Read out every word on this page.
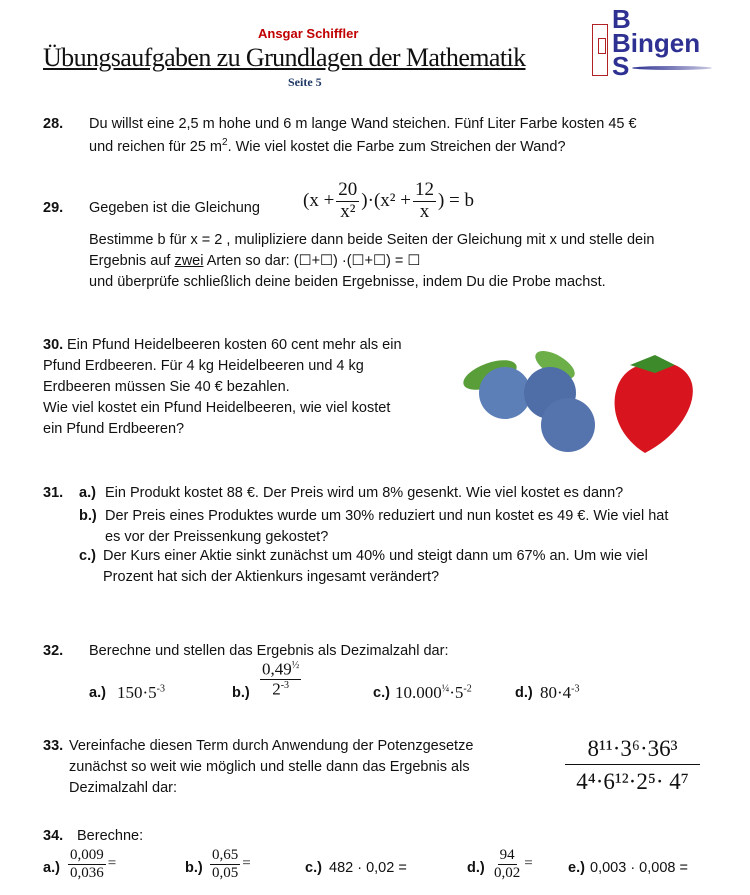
Ansgar Schiffler
Übungsaufgaben zu Grundlagen der Mathematik
Seite 5
B
Bingen
S
28. Du willst eine 2,5 m hohe und 6 m lange Wand steichen. Fünf Liter Farbe kosten 45 €
und reichen für 25 $m^2$. Wie viel kostet die Farbe zum Streichen der Wand?
29. Gegeben ist die Gleichung $(x + \frac{20}{\text{x²}} )\cdot(x^2 + \frac{12}{x}$ ) = b
Bestimme b für x = 2 , mulipliziere dann beide Seiten der Gleichung mit x und stelle dein
Ergebnis auf zwei Arten so dar: (☐+☐) ·(☐+☐) = ☐
und überprüfe schließlich deine beiden Ergebnisse, indem Du die Probe machst.
30. Ein Pfund Heidelbeeren kosten 60 cent mehr als ein
Pfund Erdbeeren. Für 4 kg Heidelbeeren und 4 kg
Erdbeeren müssen Sie 40 € bezahlen.
Wie viel kostet ein Pfund Heidelbeeren, wie viel kostet
ein Pfund Erdbeeren?
31. a.) Ein Produkt kostet 88 €. Der Preis wird um 8% gesenkt. Wie viel kostet es dann?
b.) Der Preis eines Produktes wurde um 30% reduziert und nun kostet es 49 €. Wie viel hat
es vor der Preissenkung gekostet?
c.) Der Kurs einer Aktie sinkt zunächst um 40% und steigt dann um 67% an. Um wie viel
Prozent hat sich der Aktienkurs ingesamt verändert?
32. Berechne und stellen das Ergebnis als Dezimalzahl dar:
a.) $150\cdot 5^{-3}$	$b.) \frac{0,49^{\frac{1}{2}}}{2^{-3}}$	c.) $10.000^{\frac{1}{4}}\cdot 5^{-2}$	d.) $80\cdot 4^{-3}$
33. Vereinfache diesen Term durch Anwendung der Potenzgesetze
zunächst so weit wie möglich und stelle dann das Ergebnis als
Dezimalzahl dar:
8¹¹·3⁶·36³
4⁴·6¹²·2⁵· 4⁷
34. Berechne:
$a.) \frac{0,009}{0,036}$ =	$b.) \frac{0,65}{0,05}$ =	c.) 482 · 0,02 =	$d.) \frac{94}{0,02} = e$.) 0,003 · 0,008 =
